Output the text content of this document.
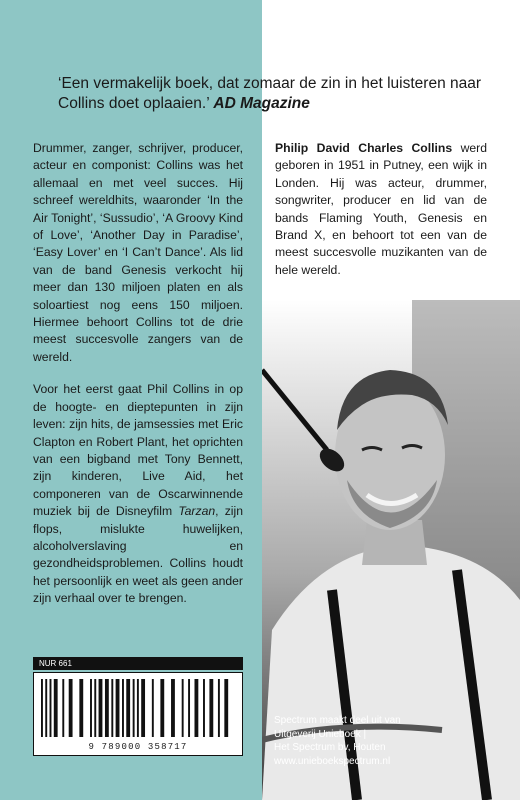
‘Een vermakelijk boek, dat zomaar de zin in het luisteren naar Collins doet oplaaien.’ AD Magazine

Drummer, zanger, schrijver, producer, acteur en componist: Collins was het allemaal en met veel succes. Hij schreef wereldhits, waaronder ‘In the Air Tonight’, ‘Sussudio’, ‘A Groovy Kind of Love’, ‘Another Day in Paradise’, ‘Easy Lover’ en ‘I Can’t Dance’. Als lid van de band Genesis verkocht hij meer dan 130 miljoen platen en als soloartiest nog eens 150 miljoen. Hiermee behoort Collins tot de drie meest succesvolle zangers van de wereld.

Voor het eerst gaat Phil Collins in op de hoogte- en dieptepunten in zijn leven: zijn hits, de jamsessies met Eric Clapton en Robert Plant, het oprichten van een bigband met Tony Bennett, zijn kinderen, Live Aid, het componeren van de Oscarwinnende muziek bij de Disneyfilm Tarzan, zijn flops, mislukte huwelijken, alcoholverslaving en gezondheidsproblemen. Collins houdt het persoonlijk en weet als geen ander zijn verhaal over te brengen.

Philip David Charles Collins werd geboren in 1951 in Putney, een wijk in Londen. Hij was acteur, drummer, songwriter, producer en lid van de bands Flaming Youth, Genesis en Brand X, en behoort tot een van de meest succesvolle muzikanten van de hele wereld.

NUR 661
9 789000 358717
Spectrum maakt deel uit van
Uitgeverij Unieboek |
Het Spectrum bv, Houten
www.unieboekspectrum.nl
